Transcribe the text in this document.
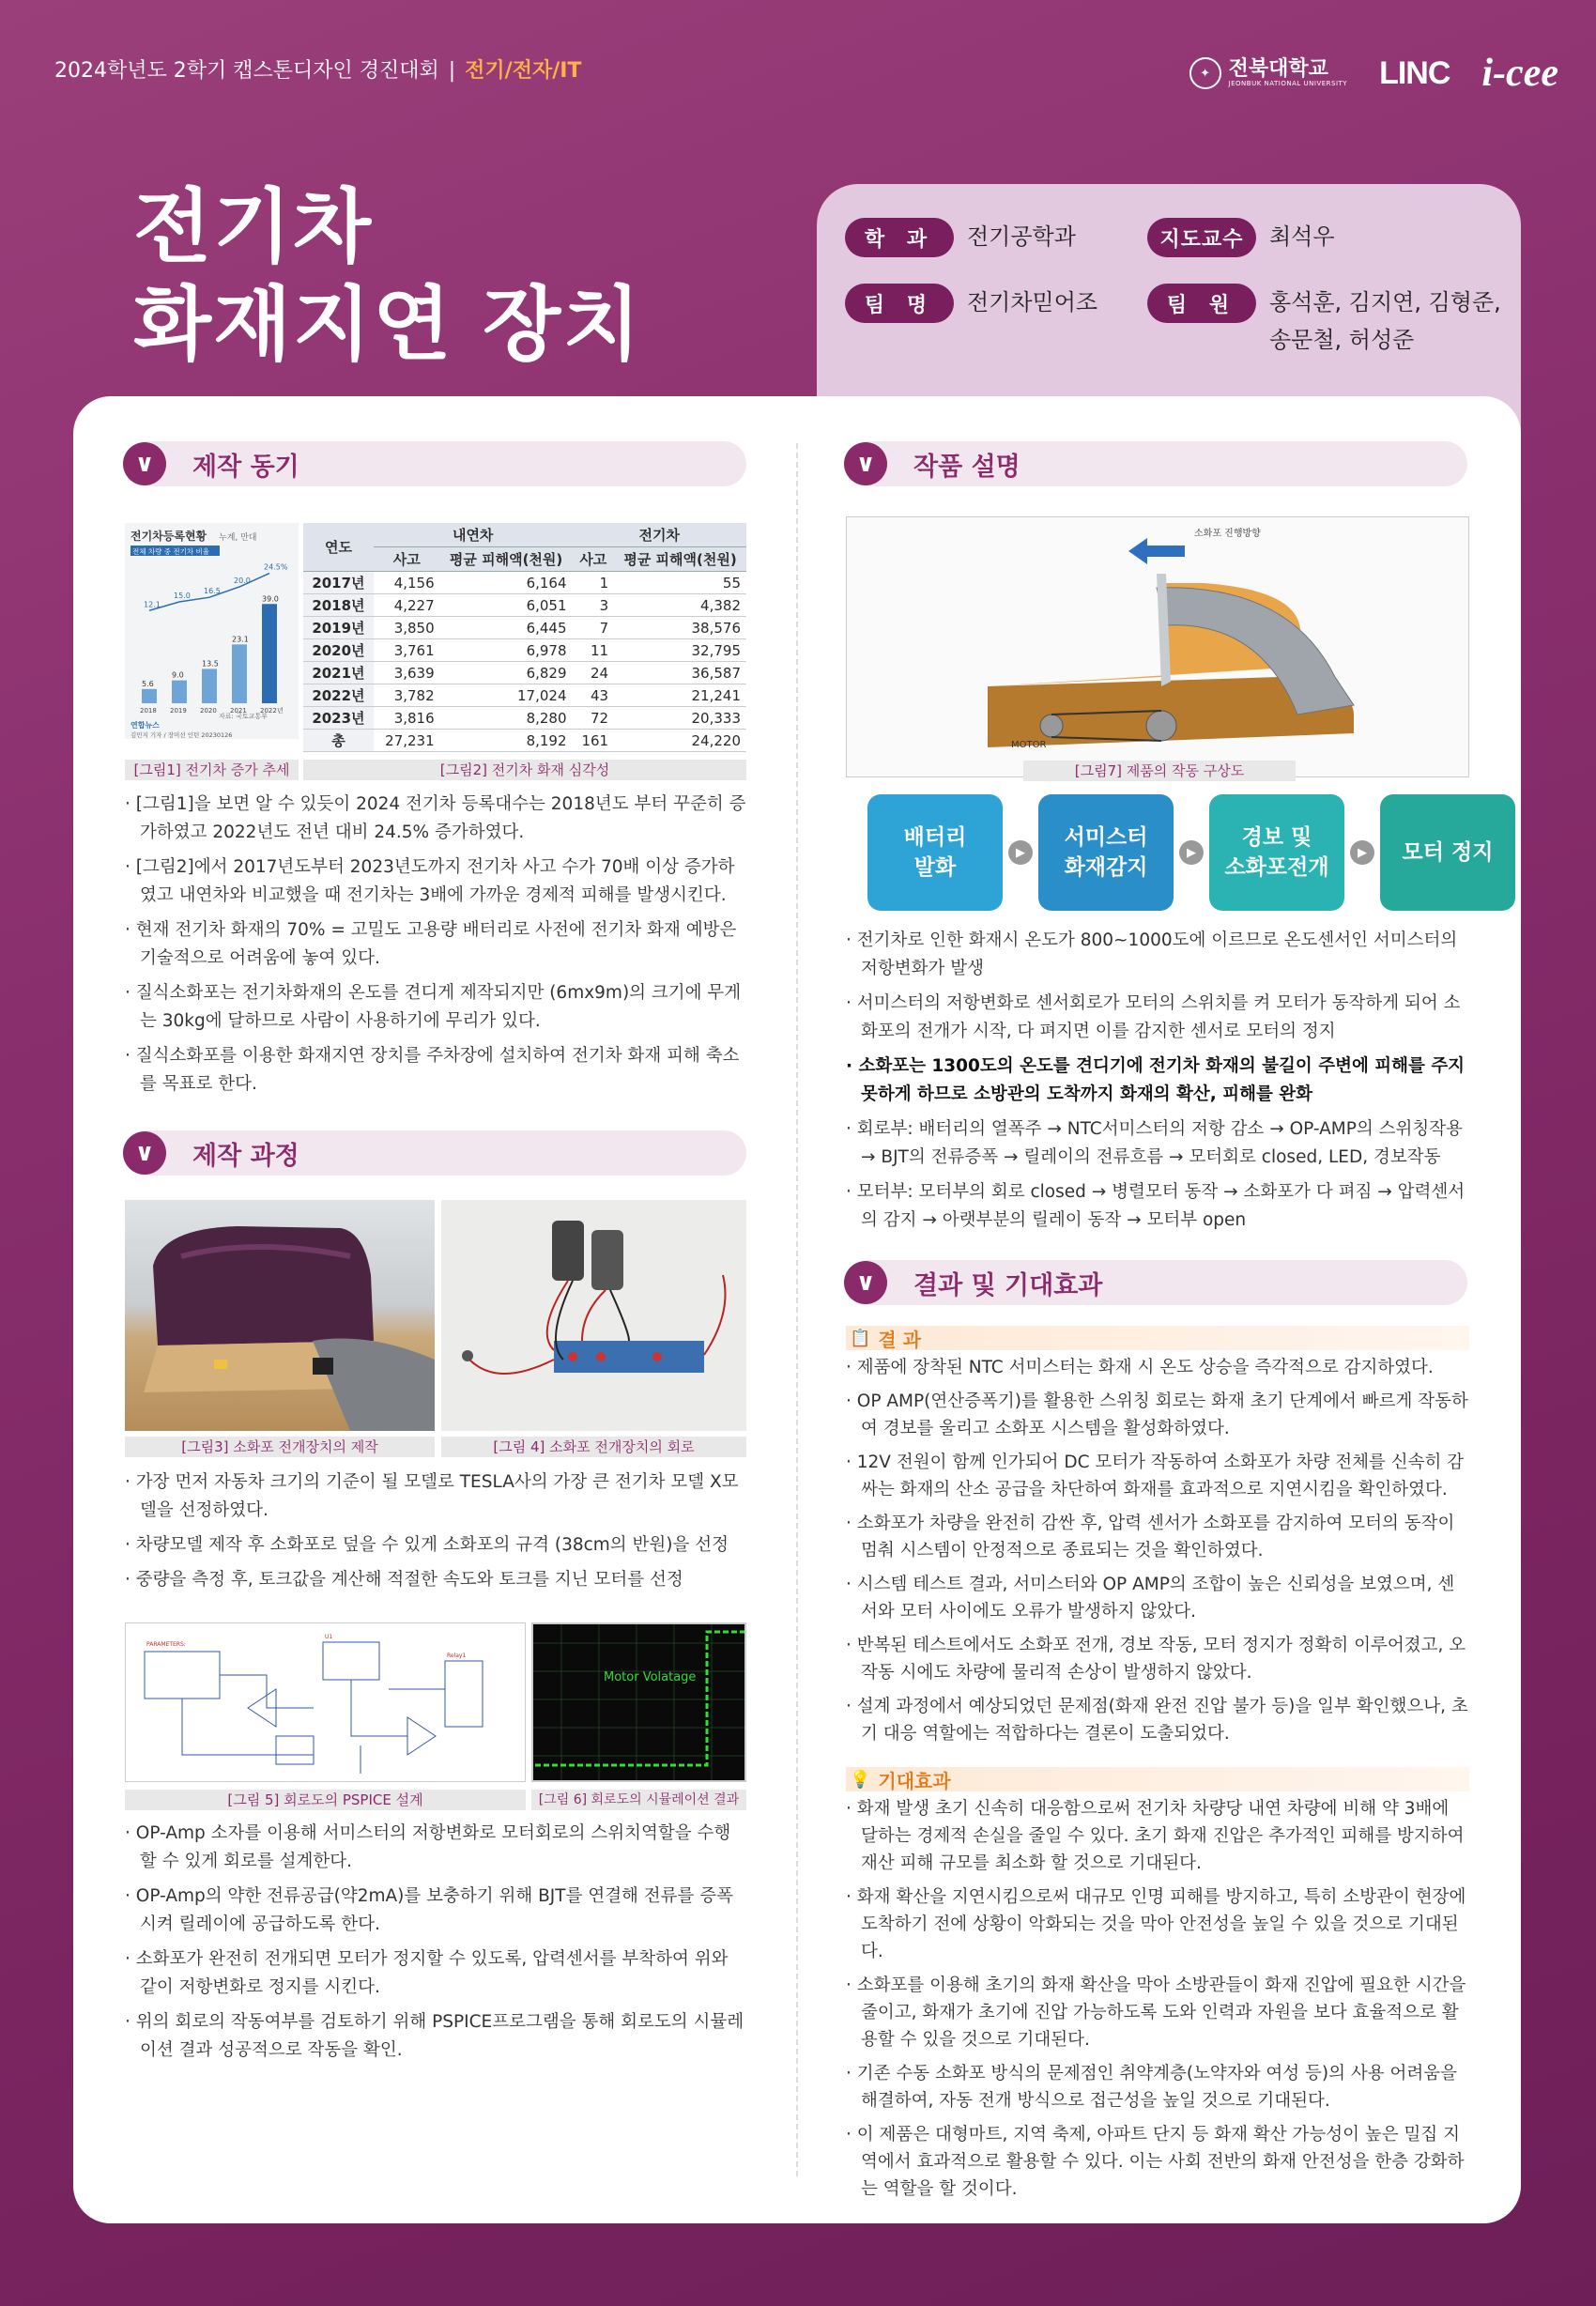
2024학년도 2학기 캡스톤디자인 경진대회 | 전기/전자/IT	✦ 전북대학교
JEONBUK NATIONAL UNIVERSITY LINC i-cee
전기차
화재지연 장치
학 과	전기공학과	지도교수	최석우
팀 명	전기차믿어조	팀 원	홍석훈, 김지연, 김형준,
송문철, 허성준
∨	제작 동기
전기차등록현황 누계, 만대
전체 차량 중 전기차 비율
12.1
15.0
16.5
20.0
24.5%
5.6
9.0
13.5
23.1
39.0
2018 2019 2020 2021 2022년
자료: 국토교통부
연합뉴스
김민지 기자 / 장미선 인턴 20230126
연도	내연차		전기차	
	사고	평균 피해액(천원)	사고	평균 피해액(천원)
2017년	4,156	6,164	1	55
2018년	4,227	6,051	3	4,382
2019년	3,850	6,445	7	38,576
2020년	3,761	6,978	11	32,795
2021년	3,639	6,829	24	36,587
2022년	3,782	17,024	43	21,241
2023년	3,816	8,280	72	20,333
총	27,231	8,192	161	24,220
[그림1] 전기차 증가 추세	[그림2] 전기차 화재 심각성

· [그림1]을 보면 알 수 있듯이 2024 전기차 등록대수는 2018년도 부터 꾸준히 증가하였고 2022년도 전년 대비 24.5% 증가하였다.

· [그림2]에서 2017년도부터 2023년도까지 전기차 사고 수가 70배 이상 증가하였고 내연차와 비교했을 때 전기차는 3배에 가까운 경제적 피해를 발생시킨다.

· 현재 전기차 화재의 70% = 고밀도 고용량 배터리로 사전에 전기차 화재 예방은 기술적으로 어려움에 놓여 있다.

· 질식소화포는 전기차화재의 온도를 견디게 제작되지만 (6mx9m)의 크기에 무게는 30kg에 달하므로 사람이 사용하기에 무리가 있다.

· 질식소화포를 이용한 화재지연 장치를 주차장에 설치하여 전기차 화재 피해 축소를 목표로 한다.

∨	제작 과정
[그림3] 소화포 전개장치의 제작	[그림 4] 소화포 전개장치의 회로

· 가장 먼저 자동차 크기의 기준이 될 모델로 TESLA사의 가장 큰 전기차 모델 X모델을 선정하였다.

· 차량모델 제작 후 소화포로 덮을 수 있게 소화포의 규격 (38cm의 반원)을 선정

· 중량을 측정 후, 토크값을 계산해 적절한 속도와 토크를 지닌 모터를 선정

PARAMETERS:
U1
Relay1
Motor Volatage
[그림 5] 회로도의 PSPICE 설계	[그림 6] 회로도의 시뮬레이션 결과

· OP-Amp 소자를 이용해 서미스터의 저항변화로 모터회로의 스위치역할을 수행할 수 있게 회로를 설계한다.

· OP-Amp의 약한 전류공급(약2mA)를 보충하기 위해 BJT를 연결해 전류를 증폭시켜 릴레이에 공급하도록 한다.

· 소화포가 완전히 전개되면 모터가 정지할 수 있도록, 압력센서를 부착하여 위와 같이 저항변화로 정지를 시킨다.

· 위의 회로의 작동여부를 검토하기 위해 PSPICE프로그램을 통해 회로도의 시뮬레이션 결과 성공적으로 작동을 확인.

∨	작품 설명
소화포 진행방향
MOTOR
[그림7] 제품의 작동 구상도
배터리
발화
▶
서미스터
화재감지
▶
경보 및
소화포전개
▶	모터 정지

· 전기차로 인한 화재시 온도가 800~1000도에 이르므로 온도센서인 서미스터의 저항변화가 발생

· 서미스터의 저항변화로 센서회로가 모터의 스위치를 켜 모터가 동작하게 되어 소화포의 전개가 시작, 다 펴지면 이를 감지한 센서로 모터의 정지

· 소화포는 1300도의 온도를 견디기에 전기차 화재의 불길이 주변에 피해를 주지 못하게 하므로 소방관의 도착까지 화재의 확산, 피해를 완화

· 회로부: 배터리의 열폭주 → NTC서미스터의 저항 감소 → OP-AMP의 스위칭작용 → BJT의 전류증폭 → 릴레이의 전류흐름 → 모터회로 closed, LED, 경보작동

· 모터부: 모터부의 회로 closed → 병렬모터 동작 → 소화포가 다 펴짐 → 압력센서의 감지 → 아랫부분의 릴레이 동작 → 모터부 open

∨	결과 및 기대효과
📋 결 과

· 제품에 장착된 NTC 서미스터는 화재 시 온도 상승을 즉각적으로 감지하였다.

· OP AMP(연산증폭기)를 활용한 스위칭 회로는 화재 초기 단계에서 빠르게 작동하여 경보를 울리고 소화포 시스템을 활성화하였다.

· 12V 전원이 함께 인가되어 DC 모터가 작동하여 소화포가 차량 전체를 신속히 감싸는 화재의 산소 공급을 차단하여 화재를 효과적으로 지연시킴을 확인하였다.

· 소화포가 차량을 완전히 감싼 후, 압력 센서가 소화포를 감지하여 모터의 동작이 멈춰 시스템이 안정적으로 종료되는 것을 확인하였다.

· 시스템 테스트 결과, 서미스터와 OP AMP의 조합이 높은 신뢰성을 보였으며, 센서와 모터 사이에도 오류가 발생하지 않았다.

· 반복된 테스트에서도 소화포 전개, 경보 작동, 모터 정지가 정확히 이루어졌고, 오작동 시에도 차량에 물리적 손상이 발생하지 않았다.

· 설계 과정에서 예상되었던 문제점(화재 완전 진압 불가 등)을 일부 확인했으나, 초기 대응 역할에는 적합하다는 결론이 도출되었다.

💡 기대효과

· 화재 발생 초기 신속히 대응함으로써 전기차 차량당 내연 차량에 비해 약 3배에 달하는 경제적 손실을 줄일 수 있다. 초기 화재 진압은 추가적인 피해를 방지하여 재산 피해 규모를 최소화 할 것으로 기대된다.

· 화재 확산을 지연시킴으로써 대규모 인명 피해를 방지하고, 특히 소방관이 현장에 도착하기 전에 상황이 악화되는 것을 막아 안전성을 높일 수 있을 것으로 기대된다.

· 소화포를 이용해 초기의 화재 확산을 막아 소방관들이 화재 진압에 필요한 시간을 줄이고, 화재가 초기에 진압 가능하도록 도와 인력과 자원을 보다 효율적으로 활용할 수 있을 것으로 기대된다.

· 기존 수동 소화포 방식의 문제점인 취약계층(노약자와 여성 등)의 사용 어려움을 해결하여, 자동 전개 방식으로 접근성을 높일 것으로 기대된다.

· 이 제품은 대형마트, 지역 축제, 아파트 단지 등 화재 확산 가능성이 높은 밀집 지역에서 효과적으로 활용할 수 있다. 이는 사회 전반의 화재 안전성을 한층 강화하는 역할을 할 것이다.
